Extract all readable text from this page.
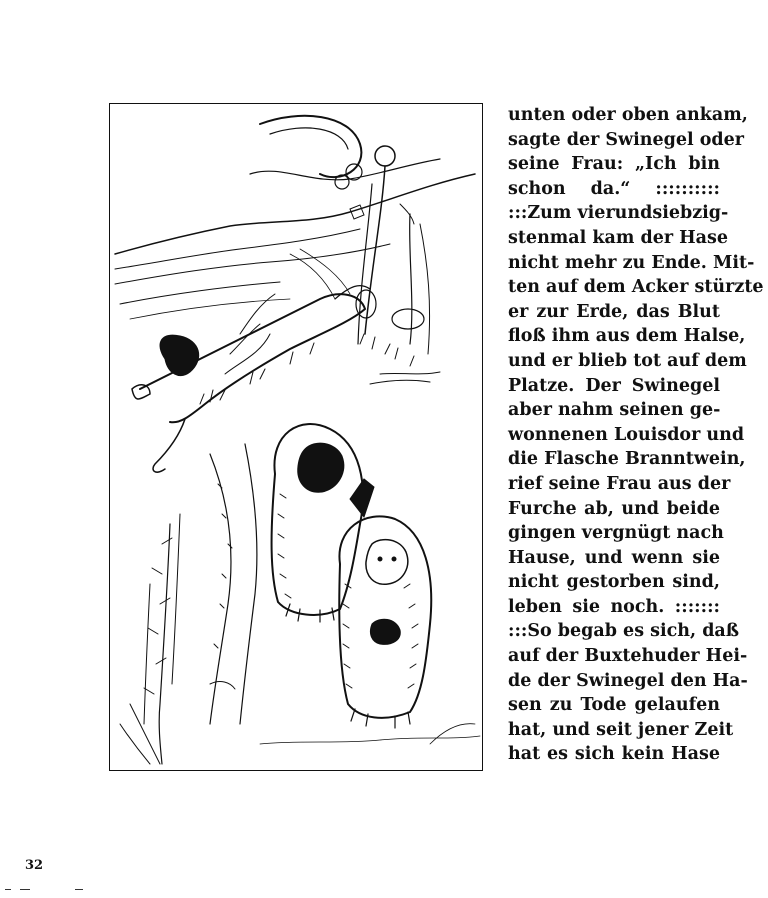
unten oder oben ankam,
sagte der Swinegel oder
seine Frau: „Ich bin
schon da.“ ::::::::::
:::Zum vierundsiebzig-
stenmal kam der Hase
nicht mehr zu Ende. Mit-
ten auf dem Acker stürzte
er zur Erde, das Blut
floß ihm aus dem Halse,
und er blieb tot auf dem
Platze. Der Swinegel
aber nahm seinen ge-
wonnenen Louisdor und
die Flasche Branntwein,
rief seine Frau aus der
Furche ab, und beide
gingen vergnügt nach
Hause, und wenn sie
nicht gestorben sind,
leben sie noch. :::::::
:::So begab es sich, daß
auf der Buxtehuder Hei-
de der Swinegel den Ha-
sen zu Tode gelaufen
hat, und seit jener Zeit
hat es sich kein Hase
32
